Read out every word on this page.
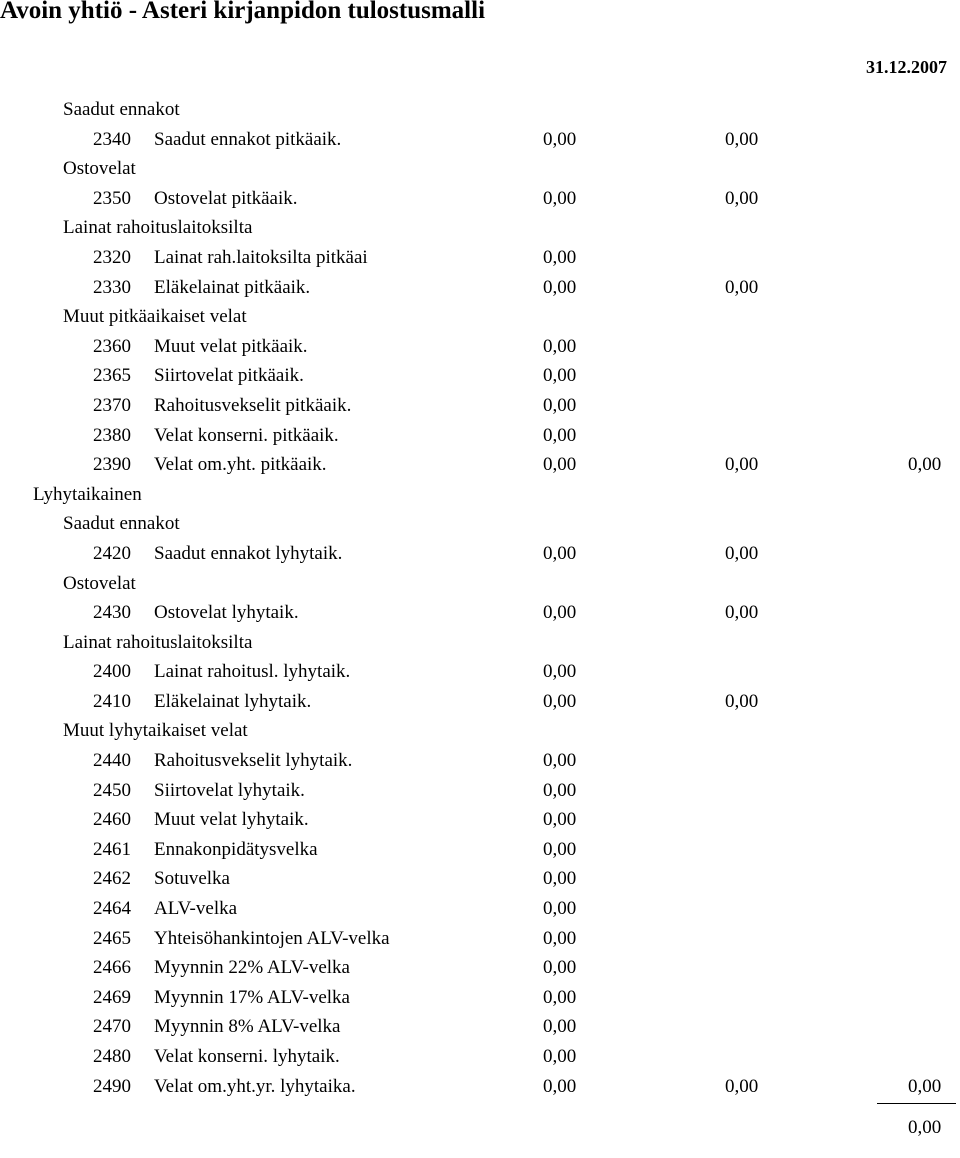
Avoin yhtiö - Asteri kirjanpidon tulostusmalli
31.12.2007
Saadut ennakot
2340 Saadut ennakot pitkäaik.	0,00	0,00
Ostovelat
2350 Ostovelat pitkäaik.	0,00	0,00
Lainat rahoituslaitoksilta
2320 Lainat rah.laitoksilta pitkäai	0,00
2330 Eläkelainat pitkäaik.	0,00	0,00
Muut pitkäaikaiset velat
2360 Muut velat pitkäaik.	0,00
2365 Siirtovelat pitkäaik.	0,00
2370 Rahoitusvekselit pitkäaik.	0,00
2380 Velat konserni. pitkäaik.	0,00
2390 Velat om.yht. pitkäaik.	0,00	0,00	0,00
Lyhytaikainen
Saadut ennakot
2420 Saadut ennakot lyhytaik.	0,00	0,00
Ostovelat
2430 Ostovelat lyhytaik.	0,00	0,00
Lainat rahoituslaitoksilta
2400 Lainat rahoitusl. lyhytaik.	0,00
2410 Eläkelainat lyhytaik.	0,00	0,00
Muut lyhytaikaiset velat
2440 Rahoitusvekselit lyhytaik.	0,00
2450 Siirtovelat lyhytaik.	0,00
2460 Muut velat lyhytaik.	0,00
2461 Ennakonpidätysvelka	0,00
2462 Sotuvelka	0,00
2464 ALV-velka	0,00
2465 Yhteisöhankintojen ALV-velka	0,00
2466 Myynnin 22% ALV-velka	0,00
2469 Myynnin 17% ALV-velka	0,00
2470 Myynnin 8% ALV-velka	0,00
2480 Velat konserni. lyhytaik.	0,00
2490 Velat om.yht.yr. lyhytaika.	0,00	0,00	0,00
0,00
